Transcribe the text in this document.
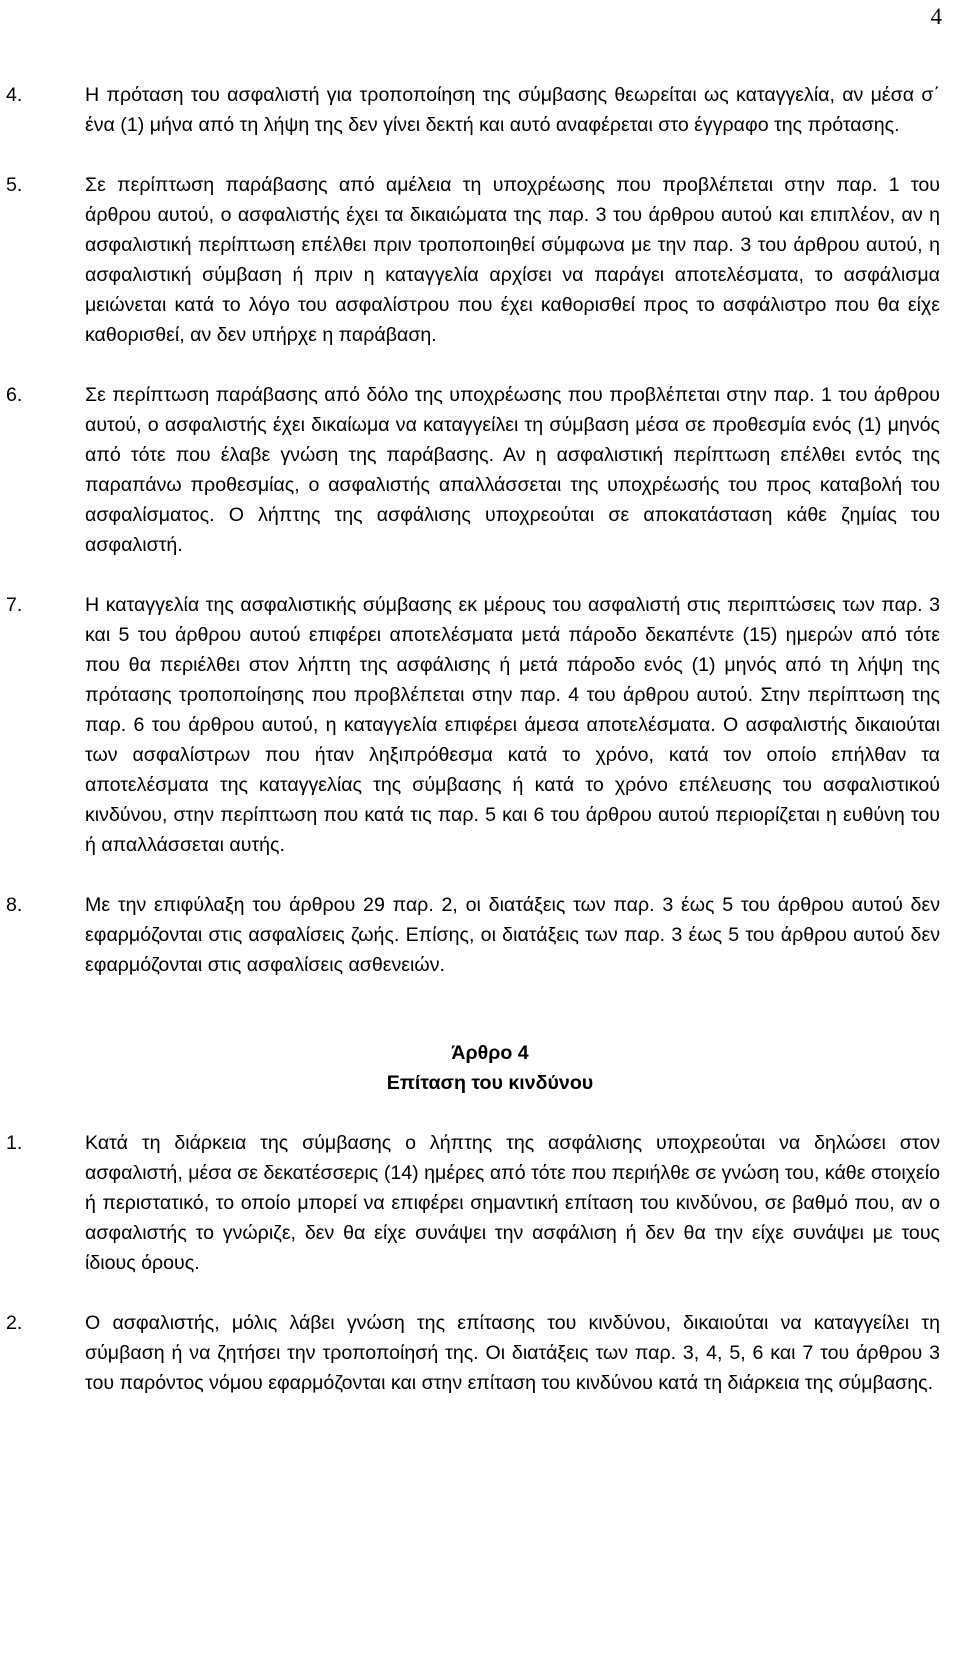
4
4.	Η πρόταση του ασφαλιστή για τροποποίηση της σύμβασης θεωρείται ως καταγγελία, αν μέσα σ΄ ένα (1) μήνα από τη λήψη της δεν γίνει δεκτή και αυτό αναφέρεται στο έγγραφο της πρότασης.
5.	Σε περίπτωση παράβασης από αμέλεια τη υποχρέωσης που προβλέπεται στην παρ. 1 του άρθρου αυτού, ο ασφαλιστής έχει τα δικαιώματα της παρ. 3 του άρθρου αυτού και επιπλέον, αν η ασφαλιστική περίπτωση επέλθει πριν τροποποιηθεί σύμφωνα με την παρ. 3 του άρθρου αυτού, η ασφαλιστική σύμβαση ή πριν η καταγγελία αρχίσει να παράγει αποτελέσματα, το ασφάλισμα μειώνεται κατά το λόγο του ασφαλίστρου που έχει καθορισθεί προς το ασφάλιστρο που θα είχε καθορισθεί, αν δεν υπήρχε η παράβαση.
6.	Σε περίπτωση παράβασης από δόλο της υποχρέωσης που προβλέπεται στην παρ. 1 του άρθρου αυτού, ο ασφαλιστής έχει δικαίωμα να καταγγείλει τη σύμβαση μέσα σε προθεσμία ενός (1) μηνός από τότε που έλαβε γνώση της παράβασης. Αν η ασφαλιστική περίπτωση επέλθει εντός της παραπάνω προθεσμίας, ο ασφαλιστής απαλλάσσεται της υποχρέωσής του προς καταβολή του ασφαλίσματος. Ο λήπτης της ασφάλισης υποχρεούται σε αποκατάσταση κάθε ζημίας του ασφαλιστή.
7.	Η καταγγελία της ασφαλιστικής σύμβασης εκ μέρους του ασφαλιστή στις περιπτώσεις των παρ. 3 και 5 του άρθρου αυτού επιφέρει αποτελέσματα μετά πάροδο δεκαπέντε (15) ημερών από τότε που θα περιέλθει στον λήπτη της ασφάλισης ή μετά πάροδο ενός (1) μηνός από τη λήψη της πρότασης τροποποίησης που προβλέπεται στην παρ. 4 του άρθρου αυτού. Στην περίπτωση της παρ. 6 του άρθρου αυτού, η καταγγελία επιφέρει άμεσα αποτελέσματα. Ο ασφαλιστής δικαιούται των ασφαλίστρων που ήταν ληξιπρόθεσμα κατά το χρόνο, κατά τον οποίο επήλθαν τα αποτελέσματα της καταγγελίας της σύμβασης ή κατά το χρόνο επέλευσης του ασφαλιστικού κινδύνου, στην περίπτωση που κατά τις παρ. 5 και 6 του άρθρου αυτού περιορίζεται η ευθύνη του ή απαλλάσσεται αυτής.
8.	Με την επιφύλαξη του άρθρου 29 παρ. 2, οι διατάξεις των παρ. 3 έως 5 του άρθρου αυτού δεν εφαρμόζονται στις ασφαλίσεις ζωής. Επίσης, οι διατάξεις των παρ. 3 έως 5 του άρθρου αυτού δεν εφαρμόζονται στις ασφαλίσεις ασθενειών.
Άρθρο 4
Επίταση του κινδύνου
1.	Κατά τη διάρκεια της σύμβασης ο λήπτης της ασφάλισης υποχρεούται να δηλώσει στον ασφαλιστή, μέσα σε δεκατέσσερις (14) ημέρες από τότε που περιήλθε σε γνώση του, κάθε στοιχείο ή περιστατικό, το οποίο μπορεί να επιφέρει σημαντική επίταση του κινδύνου, σε βαθμό που, αν ο ασφαλιστής το γνώριζε, δεν θα είχε συνάψει την ασφάλιση ή δεν θα την είχε συνάψει με τους ίδιους όρους.
2.	Ο ασφαλιστής, μόλις λάβει γνώση της επίτασης του κινδύνου, δικαιούται να καταγγείλει τη σύμβαση ή να ζητήσει την τροποποίησή της. Οι διατάξεις των παρ. 3, 4, 5, 6 και 7 του άρθρου 3 του παρόντος νόμου εφαρμόζονται και στην επίταση του κινδύνου κατά τη διάρκεια της σύμβασης.
